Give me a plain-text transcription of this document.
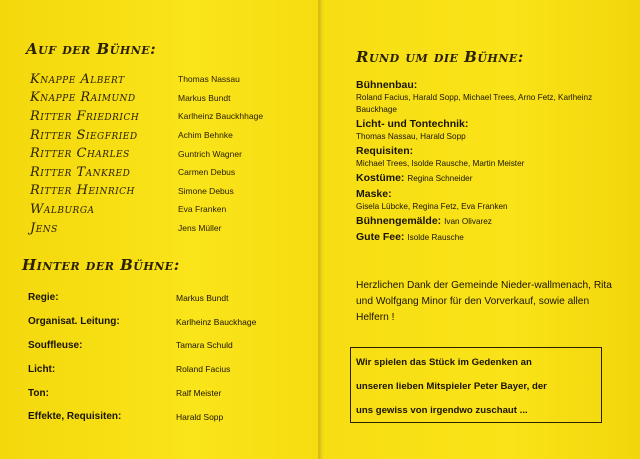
Auf der Bühne:
Knappe Albert	Thomas Nassau
Knappe Raimund	Markus Bundt
Ritter Friedrich	Karlheinz Bauckhhage
Ritter Siegfried	Achim Behnke
Ritter Charles	Guntrich Wagner
Ritter Tankred	Carmen Debus
Ritter Heinrich	Simone Debus
Walburga	Eva Franken
Jens	Jens Müller
Hinter der Bühne:
Regie:	Markus Bundt
Organisat. Leitung:	Karlheinz Bauckhage
Souffleuse:	Tamara Schuld
Licht:	Roland Facius
Ton:	Ralf Meister
Effekte, Requisiten:	Harald Sopp
Rund um die Bühne:
Bühnenbau:
Roland Facius, Harald Sopp, Michael Trees, Arno Fetz, Karlheinz Bauckhage
Licht- und Tontechnik:
Thomas Nassau, Harald Sopp
Requisiten:
Michael Trees, Isolde Rausche, Martin Meister
Kostüme: Regina Schneider
Maske:
Gisela Lübcke, Regina Fetz, Eva Franken
Bühnengemälde: Ivan Olivarez
Gute Fee: Isolde Rausche
Herzlichen Dank der Gemeinde Nieder-wallmenach, Rita und Wolfgang Minor für den Vorverkauf, sowie allen Helfern !
Wir spielen das Stück im Gedenken an
unseren lieben Mitspieler Peter Bayer, der
uns gewiss von irgendwo zuschaut ...
